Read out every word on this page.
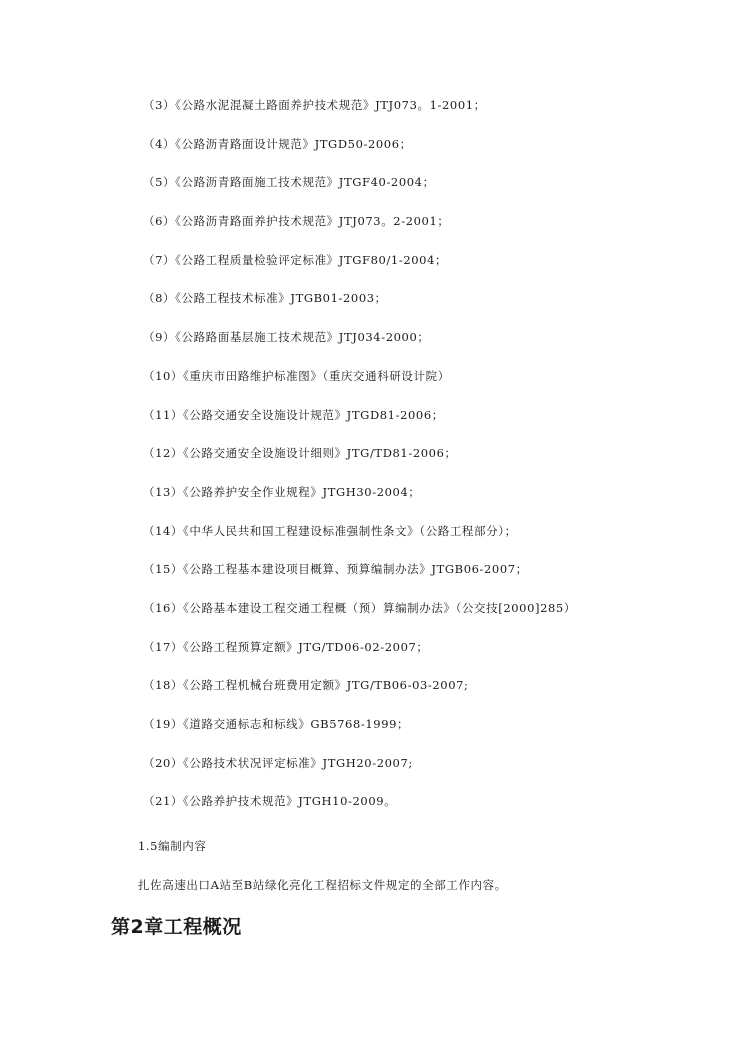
（3）《公路水泥混凝土路面养护技术规范》JTJ073。1-2001；
（4）《公路沥青路面设计规范》JTGD50-2006；
（5）《公路沥青路面施工技术规范》JTGF40-2004；
（6）《公路沥青路面养护技术规范》JTJ073。2-2001；
（7）《公路工程质量检验评定标准》JTGF80/1-2004；
（8）《公路工程技术标准》JTGB01-2003；
（9）《公路路面基层施工技术规范》JTJ034-2000；
（10）《重庆市田路维护标准图》（重庆交通科研设计院）
（11）《公路交通安全设施设计规范》JTGD81-2006；
（12）《公路交通安全设施设计细则》JTG/TD81-2006；
（13）《公路养护安全作业规程》JTGH30-2004；
（14）《中华人民共和国工程建设标准强制性条文》（公路工程部分）；
（15）《公路工程基本建设项目概算、预算编制办法》JTGB06-2007；
（16）《公路基本建设工程交通工程概（预）算编制办法》（公交技[2000]285）
（17）《公路工程预算定额》JTG/TD06-02-2007；
（18）《公路工程机械台班费用定额》JTG/TB06-03-2007;
（19）《道路交通标志和标线》GB5768-1999；
（20）《公路技术状况评定标准》JTGH20-2007;
（21）《公路养护技术规范》JTGH10-2009。
1.5编制内容
扎佐高速出口A站至B站绿化亮化工程招标文件规定的全部工作内容。
第2章工程概况
